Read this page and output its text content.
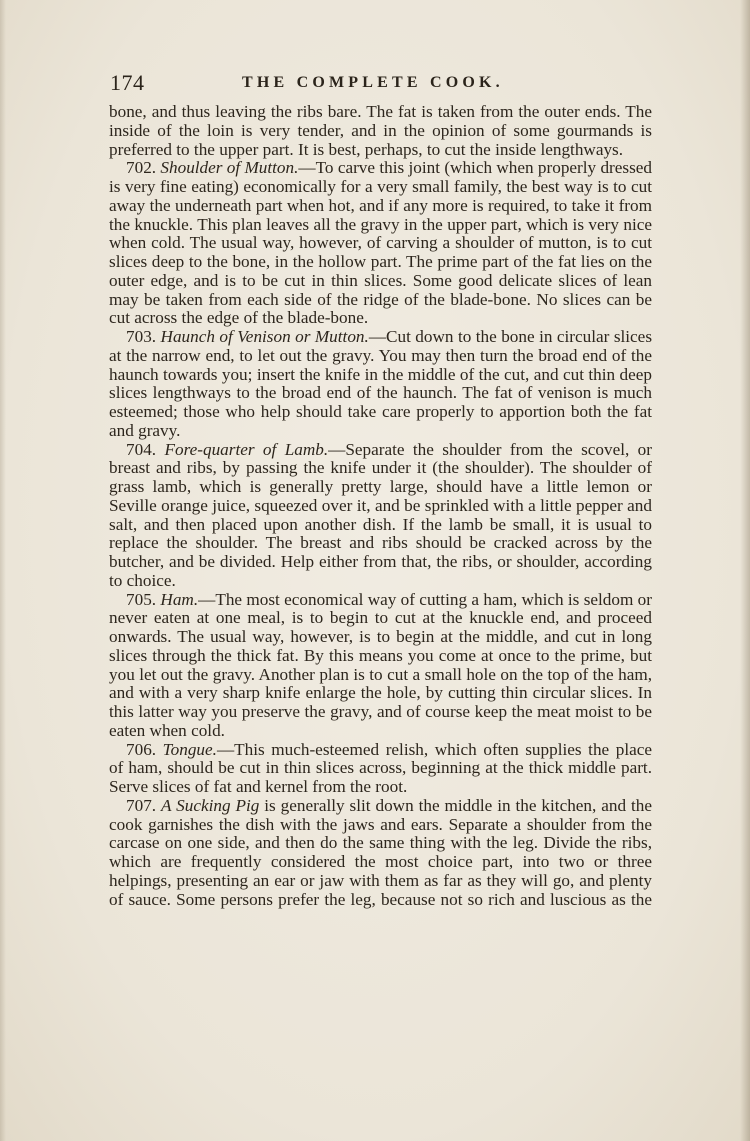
174	THE COMPLETE COOK.

bone, and thus leaving the ribs bare. The fat is taken from the outer ends. The inside of the loin is very tender, and in the opinion of some gourmands is preferred to the upper part. It is best, perhaps, to cut the inside lengthways.

702. Shoulder of Mutton.—To carve this joint (which when properly dressed is very fine eating) economically for a very small family, the best way is to cut away the underneath part when hot, and if any more is required, to take it from the knuckle. This plan leaves all the gravy in the upper part, which is very nice when cold. The usual way, however, of carving a shoulder of mutton, is to cut slices deep to the bone, in the hollow part. The prime part of the fat lies on the outer edge, and is to be cut in thin slices. Some good delicate slices of lean may be taken from each side of the ridge of the blade-bone. No slices can be cut across the edge of the blade-bone.

703. Haunch of Venison or Mutton.—Cut down to the bone in circular slices at the narrow end, to let out the gravy. You may then turn the broad end of the haunch towards you; insert the knife in the middle of the cut, and cut thin deep slices lengthways to the broad end of the haunch. The fat of venison is much esteemed; those who help should take care properly to apportion both the fat and gravy.

704. Fore-quarter of Lamb.—Separate the shoulder from the scovel, or breast and ribs, by passing the knife under it (the shoulder). The shoulder of grass lamb, which is generally pretty large, should have a little lemon or Seville orange juice, squeezed over it, and be sprinkled with a little pepper and salt, and then placed upon another dish. If the lamb be small, it is usual to replace the shoulder. The breast and ribs should be cracked across by the butcher, and be divided. Help either from that, the ribs, or shoulder, according to choice.

705. Ham.—The most economical way of cutting a ham, which is seldom or never eaten at one meal, is to begin to cut at the knuckle end, and proceed onwards. The usual way, however, is to begin at the middle, and cut in long slices through the thick fat. By this means you come at once to the prime, but you let out the gravy. Another plan is to cut a small hole on the top of the ham, and with a very sharp knife enlarge the hole, by cutting thin circular slices. In this latter way you preserve the gravy, and of course keep the meat moist to be eaten when cold.

706. Tongue.—This much-esteemed relish, which often supplies the place of ham, should be cut in thin slices across, beginning at the thick middle part. Serve slices of fat and kernel from the root.

707. A Sucking Pig is generally slit down the middle in the kitchen, and the cook garnishes the dish with the jaws and ears. Separate a shoulder from the carcase on one side, and then do the same thing with the leg. Divide the ribs, which are frequently considered the most choice part, into two or three helpings, presenting an ear or jaw with them as far as they will go, and plenty of sauce. Some persons prefer the leg, because not so rich and luscious as the
